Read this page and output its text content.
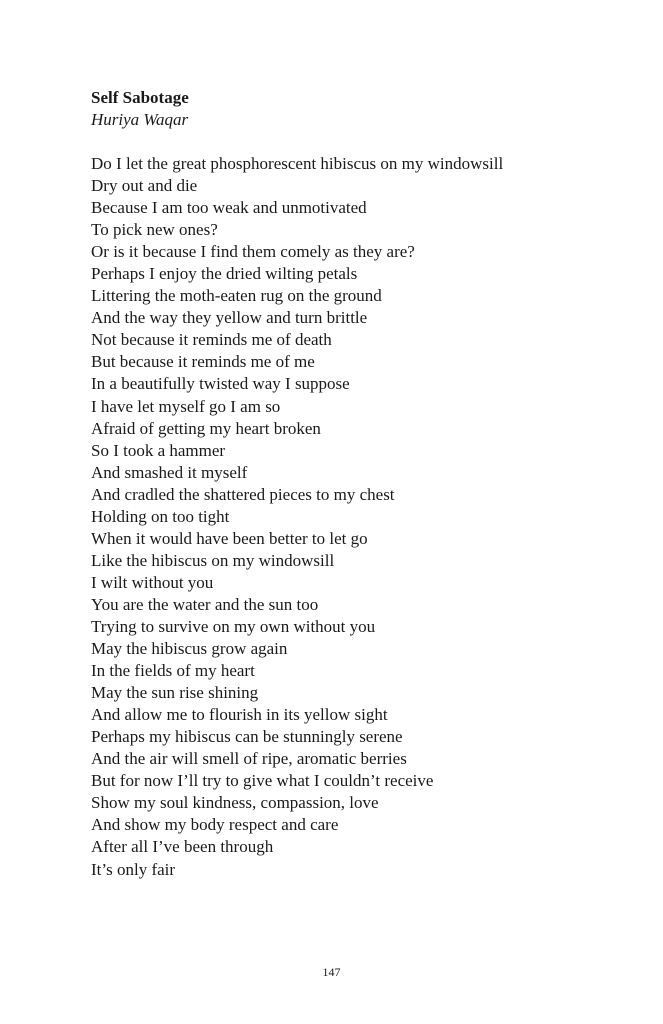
Self Sabotage
Huriya Waqar
Do I let the great phosphorescent hibiscus on my windowsill
Dry out and die
Because I am too weak and unmotivated
To pick new ones?
Or is it because I find them comely as they are?
Perhaps I enjoy the dried wilting petals
Littering the moth-eaten rug on the ground
And the way they yellow and turn brittle
Not because it reminds me of death
But because it reminds me of me
In a beautifully twisted way I suppose
I have let myself go I am so
Afraid of getting my heart broken
So I took a hammer
And smashed it myself
And cradled the shattered pieces to my chest
Holding on too tight
When it would have been better to let go
Like the hibiscus on my windowsill
I wilt without you
You are the water and the sun too
Trying to survive on my own without you
May the hibiscus grow again
In the fields of my heart
May the sun rise shining
And allow me to flourish in its yellow sight
Perhaps my hibiscus can be stunningly serene
And the air will smell of ripe, aromatic berries
But for now I’ll try to give what I couldn’t receive
Show my soul kindness, compassion, love
And show my body respect and care
After all I’ve been through
It’s only fair
147
